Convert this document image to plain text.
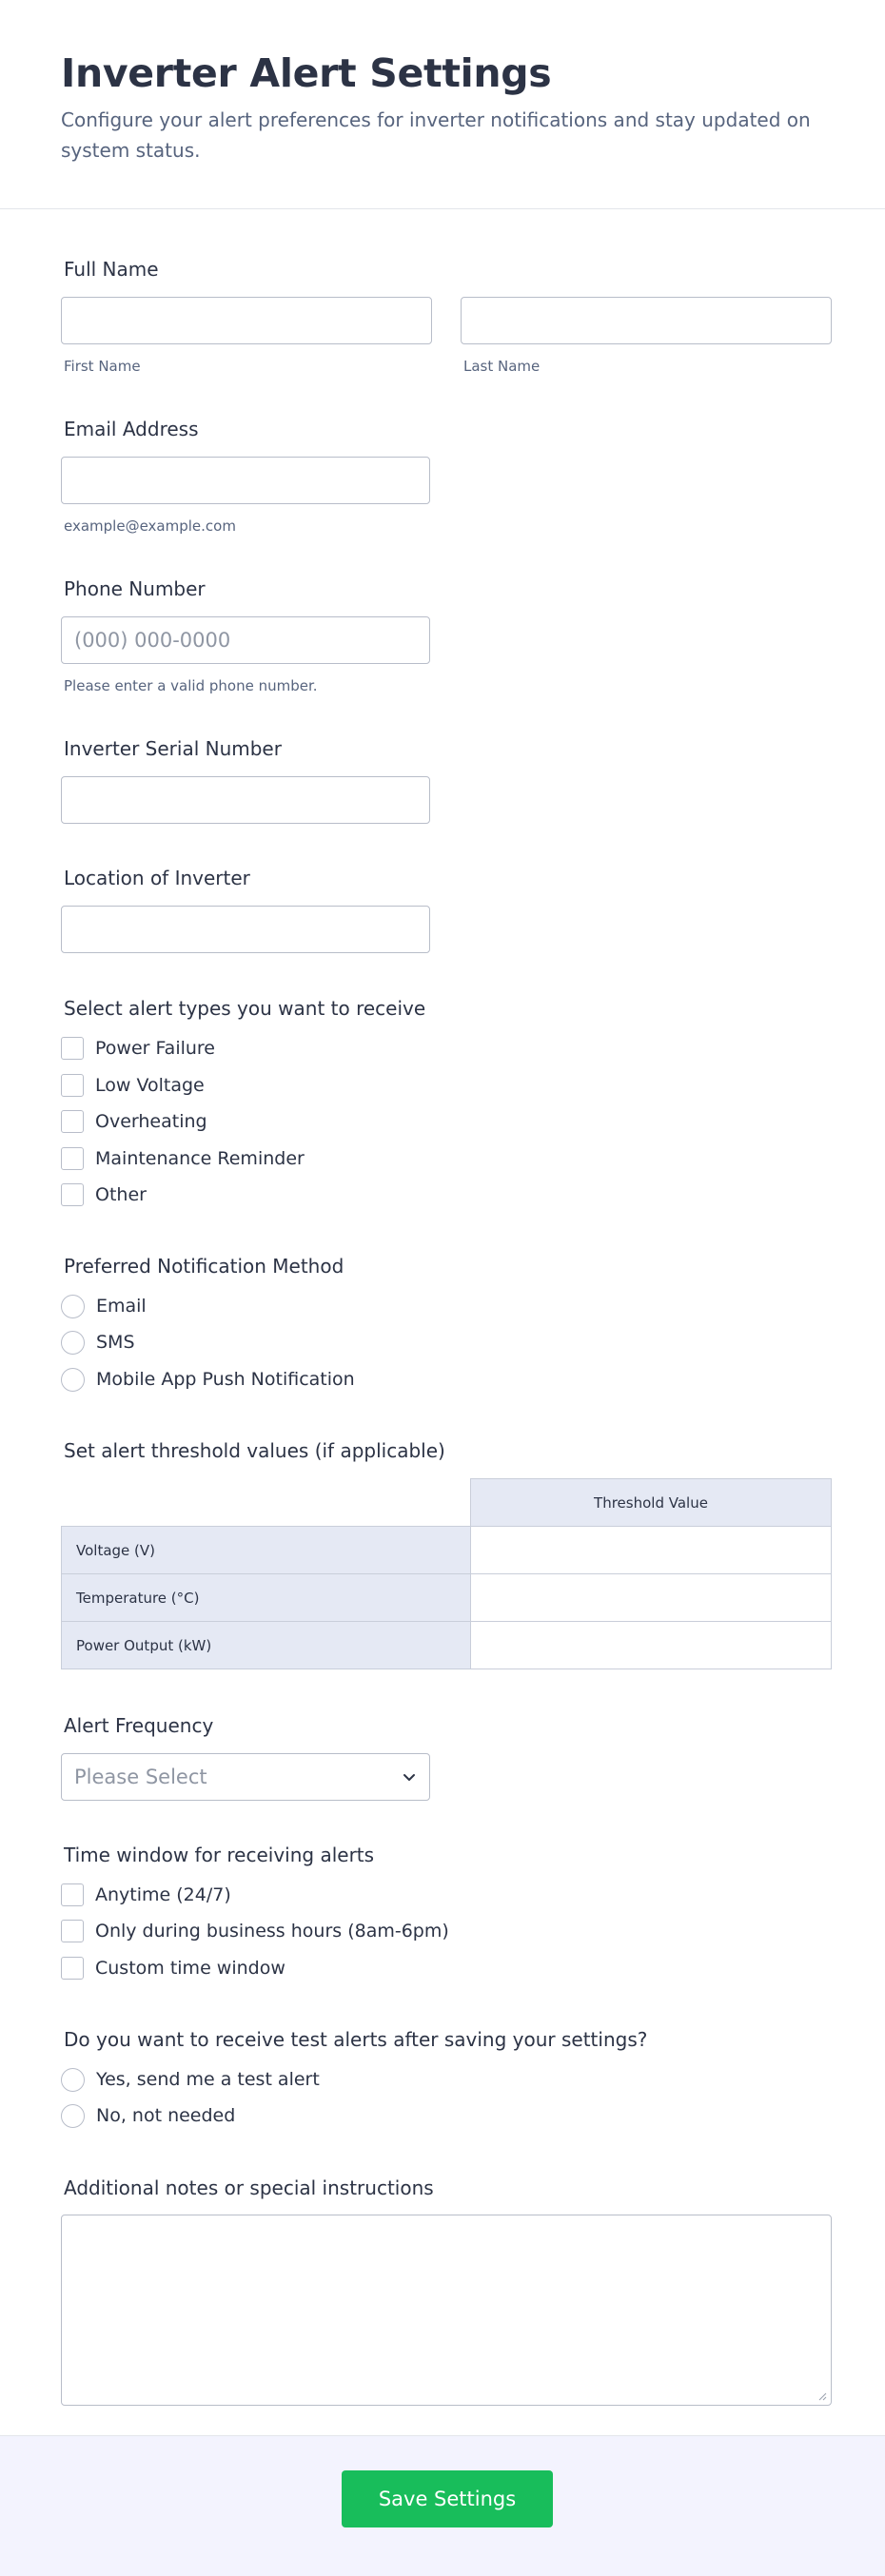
Inverter Alert Settings

Configure your alert preferences for inverter notifications and stay updated on system status.

Full Name
First Name	Last Name
Email Address
example@example.com
Phone Number
(000) 000-0000
Please enter a valid phone number.
Inverter Serial Number
Location of Inverter
Select alert types you want to receive
Power Failure
Low Voltage
Overheating
Maintenance Reminder
Other
Preferred Notification Method
Email
SMS
Mobile App Push Notification
Set alert threshold values (if applicable)
	Threshold Value
Voltage (V)	
Temperature (°C)	
Power Output (kW)	
Alert Frequency
Please Select
Time window for receiving alerts
Anytime (24/7)
Only during business hours (8am-6pm)
Custom time window
Do you want to receive test alerts after saving your settings?
Yes, send me a test alert
No, not needed
Additional notes or special instructions
Save Settings
